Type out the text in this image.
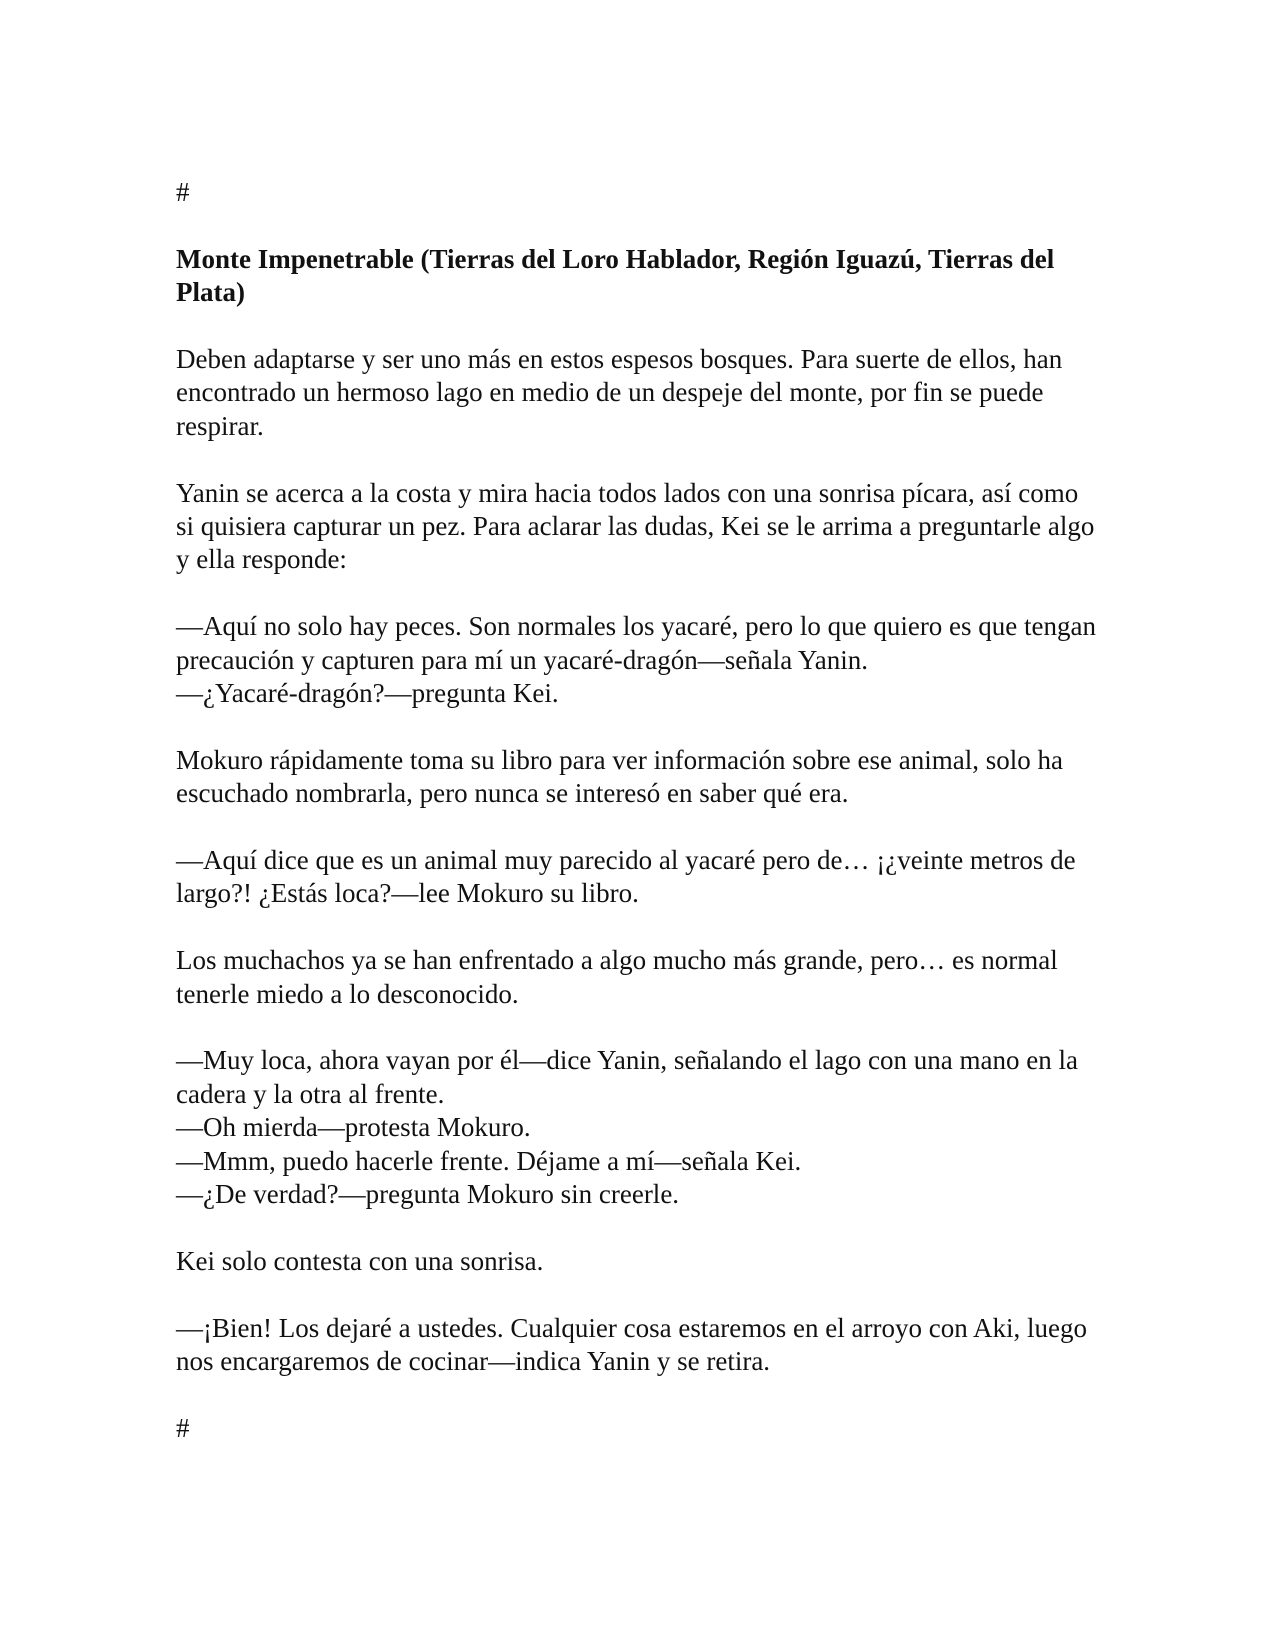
#

Monte Impenetrable (Tierras del Loro Hablador, Región Iguazú, Tierras del Plata)

Deben adaptarse y ser uno más en estos espesos bosques. Para suerte de ellos, han encontrado un hermoso lago en medio de un despeje del monte, por fin se puede respirar.

Yanin se acerca a la costa y mira hacia todos lados con una sonrisa pícara, así como si quisiera capturar un pez. Para aclarar las dudas, Kei se le arrima a preguntarle algo y ella responde:

—Aquí no solo hay peces. Son normales los yacaré, pero lo que quiero es que tengan precaución y capturen para mí un yacaré-dragón—señala Yanin.

—¿Yacaré-dragón?—pregunta Kei.

Mokuro rápidamente toma su libro para ver información sobre ese animal, solo ha escuchado nombrarla, pero nunca se interesó en saber qué era.

—Aquí dice que es un animal muy parecido al yacaré pero de… ¡¿veinte metros de largo?! ¿Estás loca?—lee Mokuro su libro.

Los muchachos ya se han enfrentado a algo mucho más grande, pero… es normal tenerle miedo a lo desconocido.

—Muy loca, ahora vayan por él—dice Yanin, señalando el lago con una mano en la cadera y la otra al frente.

—Oh mierda—protesta Mokuro.

—Mmm, puedo hacerle frente. Déjame a mí—señala Kei.

—¿De verdad?—pregunta Mokuro sin creerle.

Kei solo contesta con una sonrisa.

—¡Bien! Los dejaré a ustedes. Cualquier cosa estaremos en el arroyo con Aki, luego nos encargaremos de cocinar—indica Yanin y se retira.

#
